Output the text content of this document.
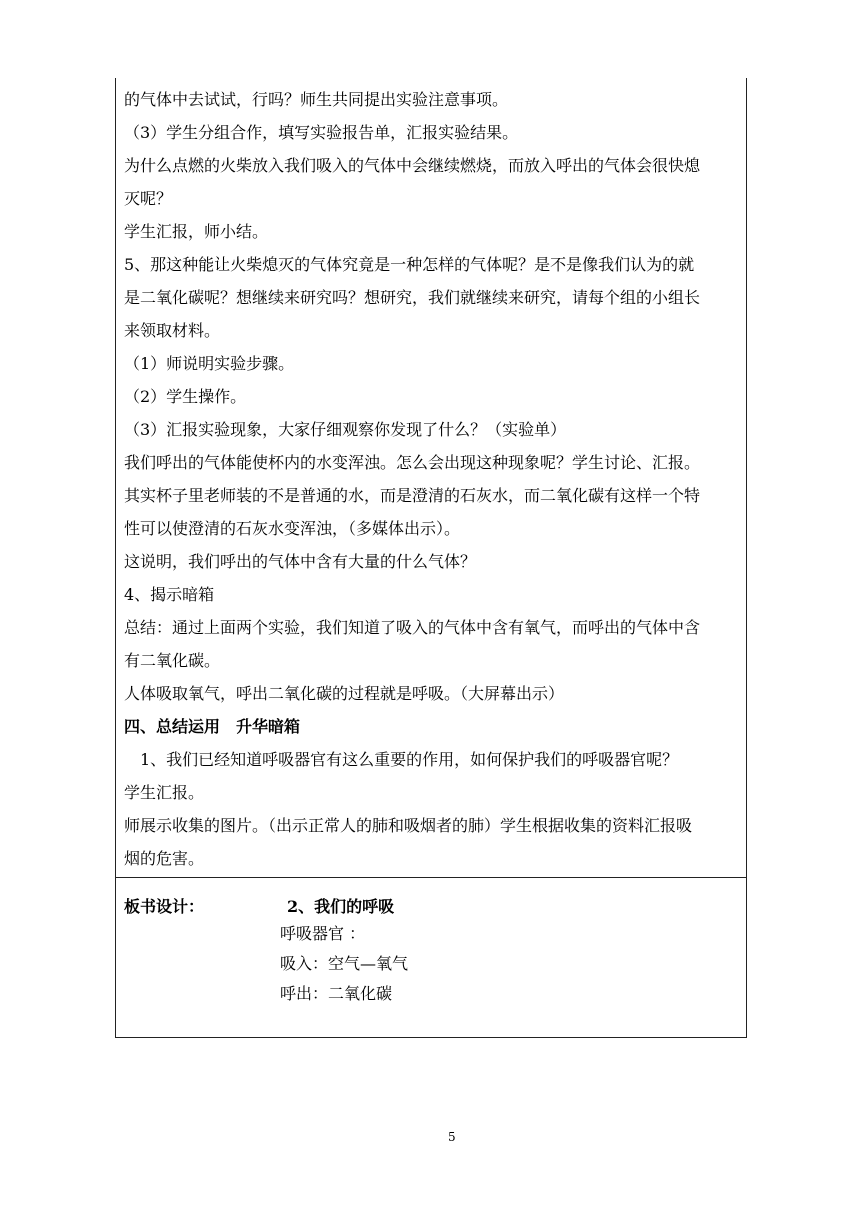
的气体中去试试，行吗？师生共同提出实验注意事项。
（3）学生分组合作，填写实验报告单，汇报实验结果。
为什么点燃的火柴放入我们吸入的气体中会继续燃烧，而放入呼出的气体会很快熄
灭呢？
学生汇报，师小结。
5、那这种能让火柴熄灭的气体究竟是一种怎样的气体呢？是不是像我们认为的就
是二氧化碳呢？想继续来研究吗？想研究，我们就继续来研究，请每个组的小组长
来领取材料。
（1）师说明实验步骤。
（2）学生操作。
（3）汇报实验现象，大家仔细观察你发现了什么？（实验单）
我们呼出的气体能使杯内的水变浑浊。怎么会出现这种现象呢？学生讨论、汇报。
其实杯子里老师装的不是普通的水，而是澄清的石灰水，而二氧化碳有这样一个特
性可以使澄清的石灰水变浑浊，（多媒体出示）。
这说明，我们呼出的气体中含有大量的什么气体？
4、揭示暗箱
总结：通过上面两个实验，我们知道了吸入的气体中含有氧气，而呼出的气体中含
有二氧化碳。
人体吸取氧气，呼出二氧化碳的过程就是呼吸。（大屏幕出示）
四、总结运用　升华暗箱
1、我们已经知道呼吸器官有这么重要的作用，如何保护我们的呼吸器官呢？
学生汇报。
师展示收集的图片。（出示正常人的肺和吸烟者的肺）学生根据收集的资料汇报吸
烟的危害。
板书设计：	2、我们的呼吸
呼吸器官 ：
吸入：空气—氧气
呼出：二氧化碳
5
